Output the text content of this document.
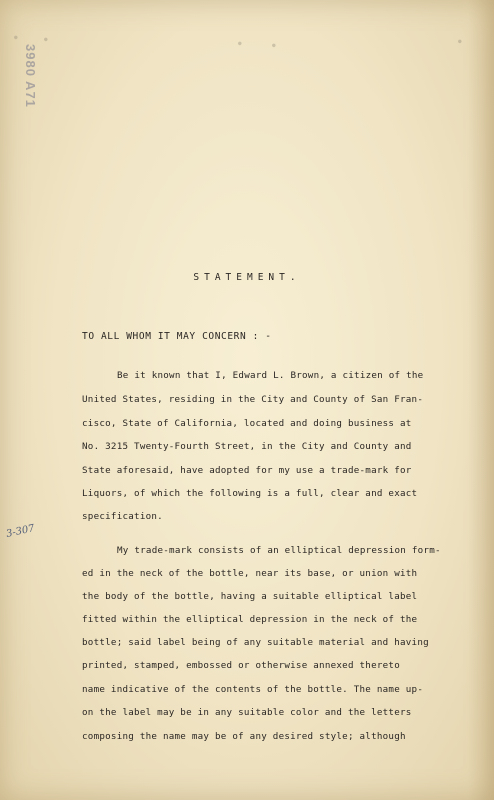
●	●
●	●
●
3980 A71
3-307
STATEMENT.
TO ALL WHOM IT MAY CONCERN : -
Be it known that I, Edward L. Brown, a citizen of the
United States, residing in the City and County of San Fran-
cisco, State of California, located and doing business at
No. 3215 Twenty-Fourth Street, in the City and County and
State aforesaid, have adopted for my use a trade-mark for
Liquors, of which the following is a full, clear and exact
specification.
My trade-mark consists of an elliptical depression form-
ed in the neck of the bottle, near its base, or union with
the body of the bottle, having a suitable elliptical label
fitted within the elliptical depression in the neck of the
bottle; said label being of any suitable material and having
printed, stamped, embossed or otherwise annexed thereto
name indicative of the contents of the bottle. The name up-
on the label may be in any suitable color and the letters
composing the name may be of any desired style; although
